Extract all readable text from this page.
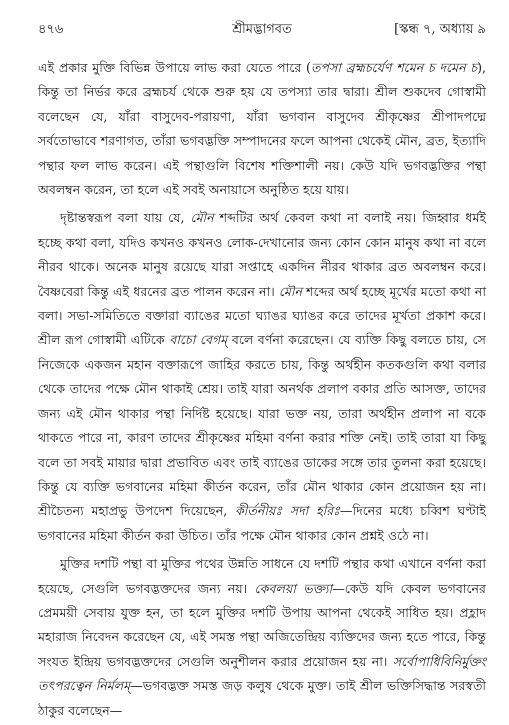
৪৭৬	শ্রীমদ্ভাগবত	[স্কন্ধ ৭, অধ্যায় ৯

এই প্রকার মুক্তি বিভিন্ন উপায়ে লাভ করা যেতে পারে (তপসা ব্রহ্মচর্যেণ শমেন চ দমেন চ), কিন্তু তা নির্ভর করে ব্রহ্মচর্য থেকে শুরু হয় যে তপস্যা তার দ্বারা। শ্রীল শুকদেব গোস্বামী বলেছেন যে, যাঁরা বাসুদেব-পরায়ণা, যাঁরা ভগবান বাসুদেব শ্রীকৃষ্ণের শ্রীপাদপদ্মে সর্বতোভাবে শরণাগত, তাঁরা ভগবদ্ভক্তি সম্পাদনের ফলে আপনা থেকেই মৌন, ব্রত, ইত্যাদি পন্থার ফল লাভ করেন। এই পন্থাগুলি বিশেষ শক্তিশালী নয়। কেউ যদি ভগবদ্ভক্তির পন্থা অবলম্বন করেন, তা হলে এই সবই অনায়াসে অনুষ্ঠিত হয়ে যায়।

দৃষ্টান্তস্বরূপ বলা যায় যে, মৌন শব্দটির অর্থ কেবল কথা না বলাই নয়। জিহ্বার ধর্মই হচ্ছে কথা বলা, যদিও কখনও কখনও লোক-দেখানোর জন্য কোন কোন মানুষ কথা না বলে নীরব থাকে। অনেক মানুষ রয়েছে যারা সপ্তাহে একদিন নীরব থাকার ব্রত অবলম্বন করে। বৈষ্ণবেরা কিন্তু এই ধরনের ব্রত পালন করেন না। মৌন শব্দের অর্থ হচ্ছে মূর্খের মতো কথা না বলা। সভা-সমিতিতে বক্তারা ব্যাঙের মতো ঘ্যাঙর ঘ্যাঙর করে তাদের মূর্খতা প্রকাশ করে। শ্রীল রূপ গোস্বামী এটিকে বাচো বেগম্ বলে বর্ণনা করেছেন। যে ব্যক্তি কিছু বলতে চায়, সে নিজেকে একজন মহান বক্তারূপে জাহির করতে চায়, কিন্তু অর্থহীন কতকগুলি কথা বলার থেকে তাদের পক্ষে মৌন থাকাই শ্রেয়। তাই যারা অনর্থক প্রলাপ বকার প্রতি আসক্ত, তাদের জন্য এই মৌন থাকার পন্থা নির্দিষ্ট হয়েছে। যারা ভক্ত নয়, তারা অর্থহীন প্রলাপ না বকে থাকতে পারে না, কারণ তাদের শ্রীকৃষ্ণের মহিমা বর্ণনা করার শক্তি নেই। তাই তারা যা কিছু বলে তা সবই মায়ার দ্বারা প্রভাবিত এবং তাই ব্যাঙের ডাকের সঙ্গে তার তুলনা করা হয়েছে। কিন্তু যে ব্যক্তি ভগবানের মহিমা কীর্তন করেন, তাঁর মৌন থাকার কোন প্রয়োজন হয় না। শ্রীচৈতন্য মহাপ্রভু উপদেশ দিয়েছেন, কীর্তনীয়ঃ সদা হরিঃ—দিনের মধ্যে চব্বিশ ঘণ্টাই ভগবানের মহিমা কীর্তন করা উচিত। তাঁর পক্ষে মৌন থাকার কোন প্রশ্নই ওঠে না।

মুক্তির দশটি পন্থা বা মুক্তির পথের উন্নতি সাধনে যে দশটি পন্থার কথা এখানে বর্ণনা করা হয়েছে, সেগুলি ভগবদ্ভক্তদের জন্য নয়। কেবলয়া ভক্ত্যা—কেউ যদি কেবল ভগবানের প্রেমময়ী সেবায় যুক্ত হন, তা হলে মুক্তির দশটি উপায় আপনা থেকেই সাধিত হয়। প্রহ্লাদ মহারাজ নিবেদন করেছেন যে, এই সমস্ত পন্থা অজিতেন্দ্রিয় ব্যক্তিদের জন্য হতে পারে, কিন্তু সংযত ইন্দ্রিয় ভগবদ্ভক্তদের সেগুলি অনুশীলন করার প্রয়োজন হয় না। সর্বোপাধিবিনির্মুক্তং তৎপরত্বেন নির্মলম্—ভগবদ্ভক্ত সমস্ত জড় কলুষ থেকে মুক্ত। তাই শ্রীল ভক্তিসিদ্ধান্ত সরস্বতী ঠাকুর বলেছেন—
